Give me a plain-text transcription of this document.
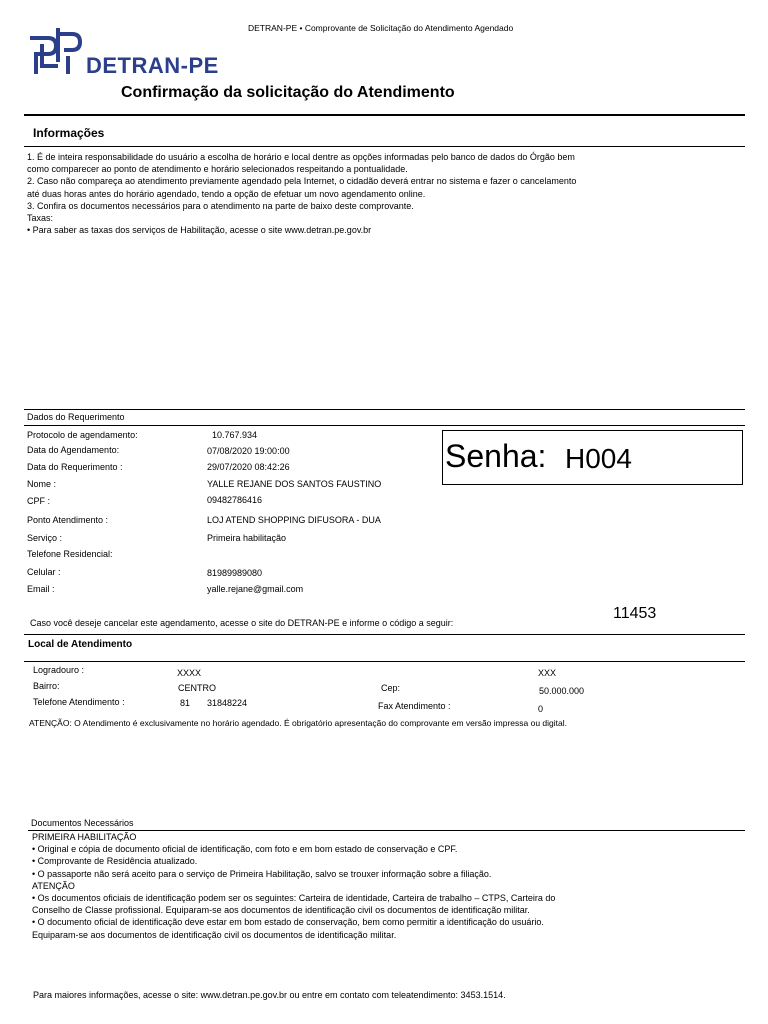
DETRAN-PE • Comprovante de Solicitação do Atendimento Agendado
DETRAN-PE
Confirmação da solicitação do Atendimento
Informações
1. É de inteira responsabilidade do usuário a escolha de horário e local dentre as opções informadas pelo banco de dados do Órgão bem
como comparecer ao ponto de atendimento e horário selecionados respeitando a pontualidade.
2. Caso não compareça ao atendimento previamente agendado pela Internet, o cidadão deverá entrar no sistema e fazer o cancelamento
até duas horas antes do horário agendado, tendo a opção de efetuar um novo agendamento online.
3. Confira os documentos necessários para o atendimento na parte de baixo deste comprovante.
Taxas:
• Para saber as taxas dos serviços de Habilitação, acesse o site www.detran.pe.gov.br
Dados do Requerimento
Protocolo de agendamento:	10.767.934
Data do Agendamento:	07/08/2020 19:00:00
Data do Requerimento :	29/07/2020 08:42:26
Nome :	YALLE REJANE DOS SANTOS FAUSTINO
CPF :	09482786416
Ponto Atendimento :	LOJ ATEND SHOPPING DIFUSORA - DUA
Serviço :	Primeira habilitação
Telefone Residencial:
Celular :	81989989080
Email :	yalle.rejane@gmail.com
Senha: H004
Caso você deseje cancelar este agendamento, acesse o site do DETRAN-PE e informe o código a seguir:
11453
Local de Atendimento
Logradouro :	XXXX	XXX
Bairro:	CENTRO	Cep:	50.000.000
Telefone Atendimento :	81 31848224	Fax Atendimento :	0
ATENÇÃO: O Atendimento é exclusivamente no horário agendado. É obrigatório apresentação do comprovante em versão impressa ou digital.
Documentos Necessários
PRIMEIRA HABILITAÇÃO
• Original e cópia de documento oficial de identificação, com foto e em bom estado de conservação e CPF.
• Comprovante de Residência atualizado.
• O passaporte não será aceito para o serviço de Primeira Habilitação, salvo se trouxer informação sobre a filiação.
ATENÇÃO
• Os documentos oficiais de identificação podem ser os seguintes: Carteira de identidade, Carteira de trabalho – CTPS, Carteira do
Conselho de Classe profissional. Equiparam-se aos documentos de identificação civil os documentos de identificação militar.
• O documento oficial de identificação deve estar em bom estado de conservação, bem como permitir a identificação do usuário.
Equiparam-se aos documentos de identificação civil os documentos de identificação militar.
Para maiores informações, acesse o site: www.detran.pe.gov.br ou entre em contato com teleatendimento: 3453.1514.
